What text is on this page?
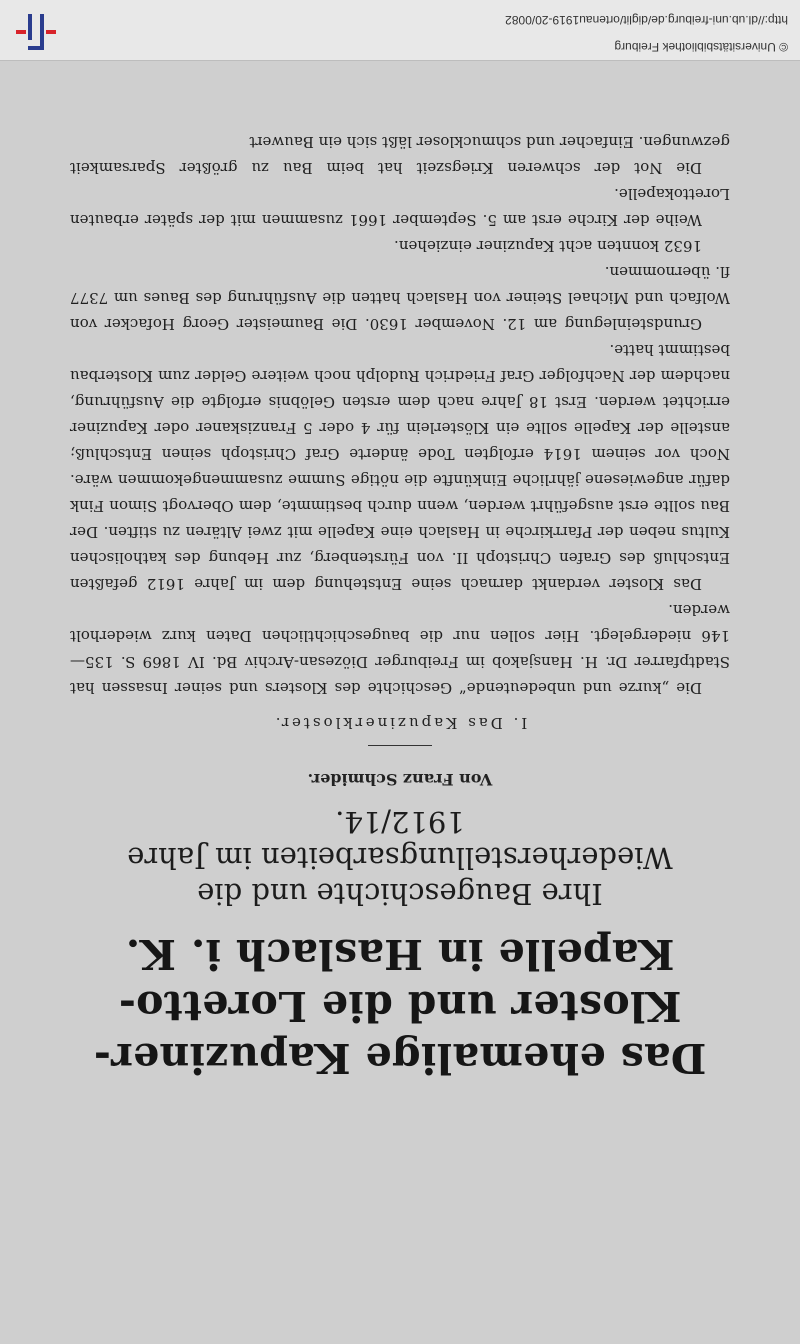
Das ehemalige Kapuziner-Kloster und die Loretto-Kapelle in Haslach i. K.
Ihre Baugeschichte und die Wiederherstellungsarbeiten im Jahre 1912/14.

Von Franz Schmider.

I. Das Kapuzinerkloster.

Die „kurze und unbedeutende“ Geschichte des Klosters und seiner Insassen hat Stadtpfarrer Dr. H. Hansjakob im Freiburger Diözesan-Archiv Bd. IV 1869 S. 135—146 niedergelegt. Hier sollen nur die baugeschichtlichen Daten kurz wiederholt werden.

Das Kloster verdankt darnach seine Entstehung dem im Jahre 1612 gefaßten Entschluß des Grafen Christoph II. von Fürstenberg, zur Hebung des katholischen Kultus neben der Pfarrkirche in Haslach eine Kapelle mit zwei Altären zu stiften. Der Bau sollte erst ausgeführt werden, wenn durch bestimmte, dem Obervogt Simon Fink dafür angewiesene jährliche Einkünfte die nötige Summe zusammengekommen wäre. Noch vor seinem 1614 erfolgten Tode änderte Graf Christoph seinen Entschluß; anstelle der Kapelle sollte ein Klösterlein für 4 oder 5 Franziskaner oder Kapuziner errichtet werden. Erst 18 Jahre nach dem ersten Gelöbnis erfolgte die Ausführung, nachdem der Nachfolger Graf Friedrich Rudolph noch weitere Gelder zum Klosterbau bestimmt hatte.

Grundsteinlegung am 12. November 1630. Die Baumeister Georg Hofacker von Wolfach und Michael Steiner von Haslach hatten die Ausführung des Baues um 7377 fl. übernommen.

1632 konnten acht Kapuziner einziehen.

Weihe der Kirche erst am 5. September 1661 zusammen mit der später erbauten Lorettokapelle.

Die Not der schweren Kriegszeit hat beim Bau zu größter Sparsamkeit gezwungen. Einfacher und schmuckloser läßt sich ein Bauwert

© Universitätsbibliothek Freiburg
http://dl.ub.uni-freiburg.de/diglit/ortenau1919-20/0082
